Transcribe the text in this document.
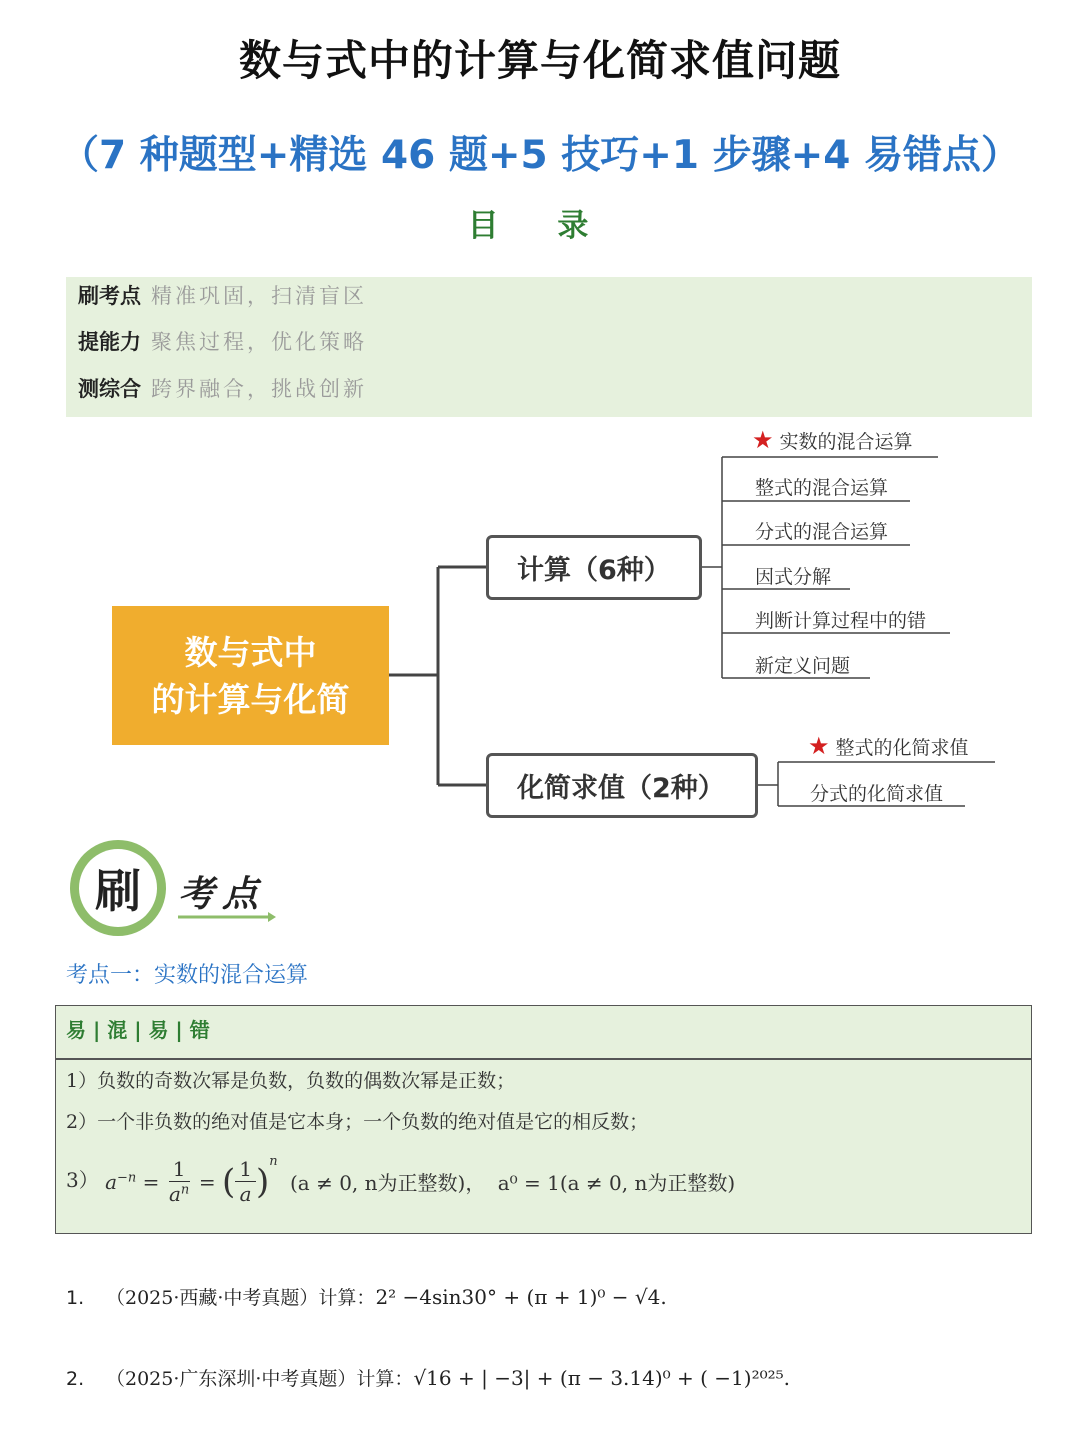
数与式中的计算与化简求值问题
（7 种题型+精选 46 题+5 技巧+1 步骤+4 易错点）
目 录
刷考点 精准巩固，扫清盲区
提能力 聚焦过程，优化策略
测综合 跨界融合，挑战创新
数与式中
的计算与化简
计算（6种）
化简求值（2种）
★ 实数的混合运算
整式的混合运算
分式的混合运算
因式分解
判断计算过程中的错
新定义问题
★ 整式的化简求值
分式的化简求值
刷	考点
考点一：实数的混合运算
易 | 混 | 易 | 错
1）负数的奇数次幂是负数，负数的偶数次幂是正数；
2）一个非负数的绝对值是它本身；一个负数的绝对值是它的相反数；
3） $a^{-n} = \frac{1}{a^n}$ = ( $\frac{1}{a} )^n$ (a ≠ 0, n为正整数)， a⁰ = 1(a ≠ 0, n为正整数)
1. （2025·西藏·中考真题）计算：2² −4sin30° + (π + 1)⁰ − √4.
2. （2025·广东深圳·中考真题）计算：√16 + | −3| + (π − 3.14)⁰ + ( −1)²⁰²⁵.
